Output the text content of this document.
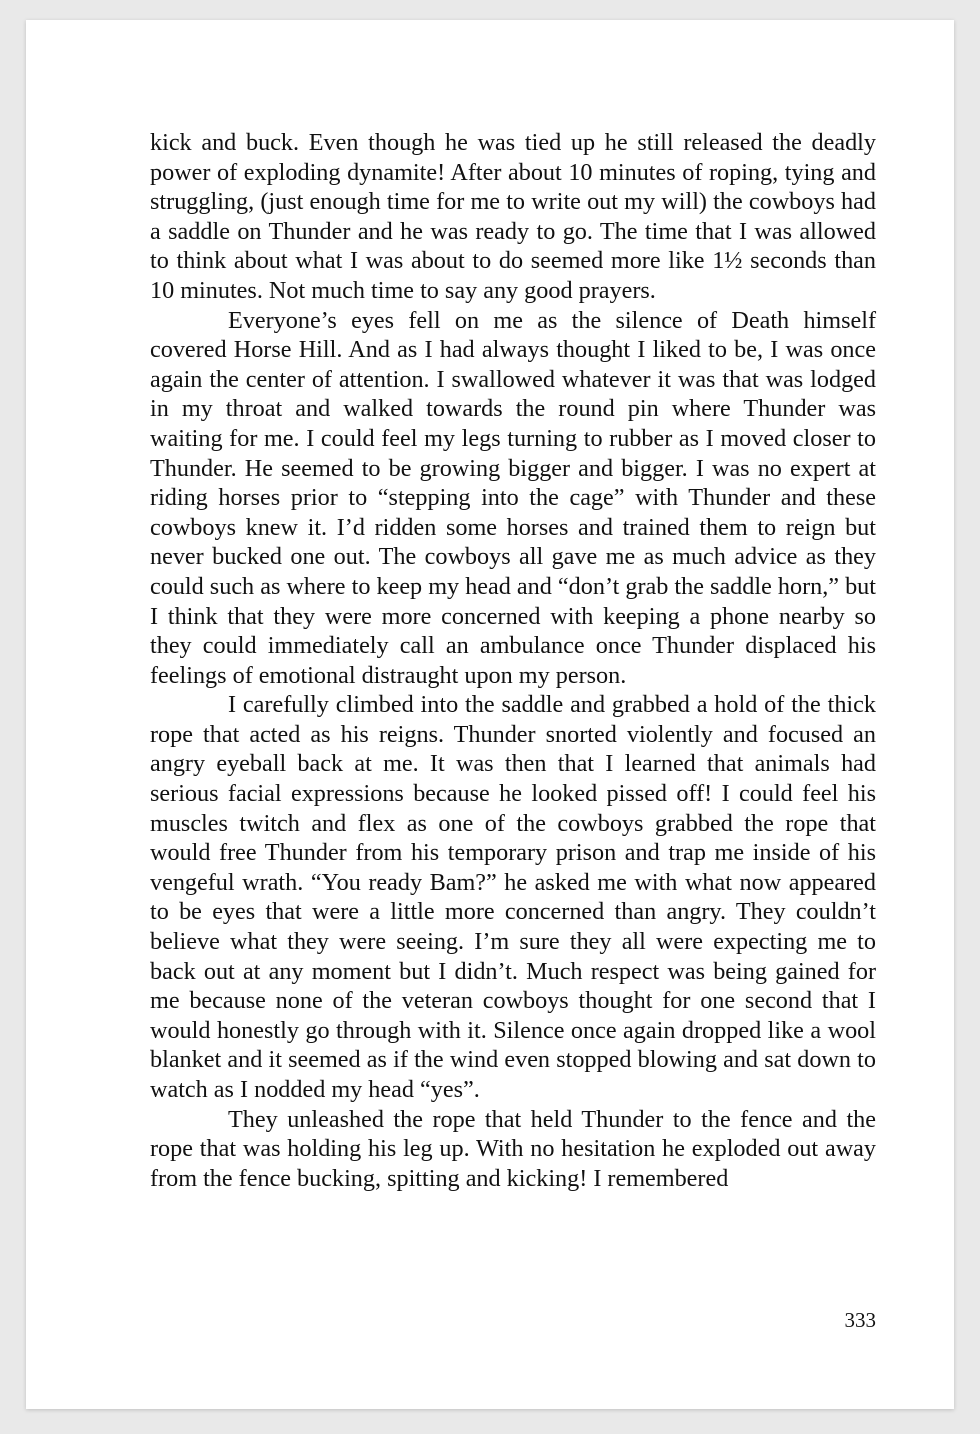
kick and buck. Even though he was tied up he still released the deadly power of exploding dynamite! After about 10 minutes of roping, tying and struggling, (just enough time for me to write out my will) the cowboys had a saddle on Thunder and he was ready to go. The time that I was allowed to think about what I was about to do seemed more like 1½ seconds than 10 minutes. Not much time to say any good prayers.

Everyone’s eyes fell on me as the silence of Death himself covered Horse Hill. And as I had always thought I liked to be, I was once again the center of attention. I swallowed whatever it was that was lodged in my throat and walked towards the round pin where Thunder was waiting for me. I could feel my legs turning to rubber as I moved closer to Thunder. He seemed to be growing bigger and bigger. I was no expert at riding horses prior to “stepping into the cage” with Thunder and these cowboys knew it. I’d ridden some horses and trained them to reign but never bucked one out. The cowboys all gave me as much advice as they could such as where to keep my head and “don’t grab the saddle horn,” but I think that they were more concerned with keeping a phone nearby so they could immediately call an ambulance once Thunder displaced his feelings of emotional distraught upon my person.

I carefully climbed into the saddle and grabbed a hold of the thick rope that acted as his reigns. Thunder snorted violently and focused an angry eyeball back at me. It was then that I learned that animals had serious facial expressions because he looked pissed off! I could feel his muscles twitch and flex as one of the cowboys grabbed the rope that would free Thunder from his temporary prison and trap me inside of his vengeful wrath. “You ready Bam?” he asked me with what now appeared to be eyes that were a little more concerned than angry. They couldn’t believe what they were seeing. I’m sure they all were expecting me to back out at any moment but I didn’t. Much respect was being gained for me because none of the veteran cowboys thought for one second that I would honestly go through with it. Silence once again dropped like a wool blanket and it seemed as if the wind even stopped blowing and sat down to watch as I nodded my head “yes”.

They unleashed the rope that held Thunder to the fence and the rope that was holding his leg up. With no hesitation he exploded out away from the fence bucking, spitting and kicking! I remembered

333
